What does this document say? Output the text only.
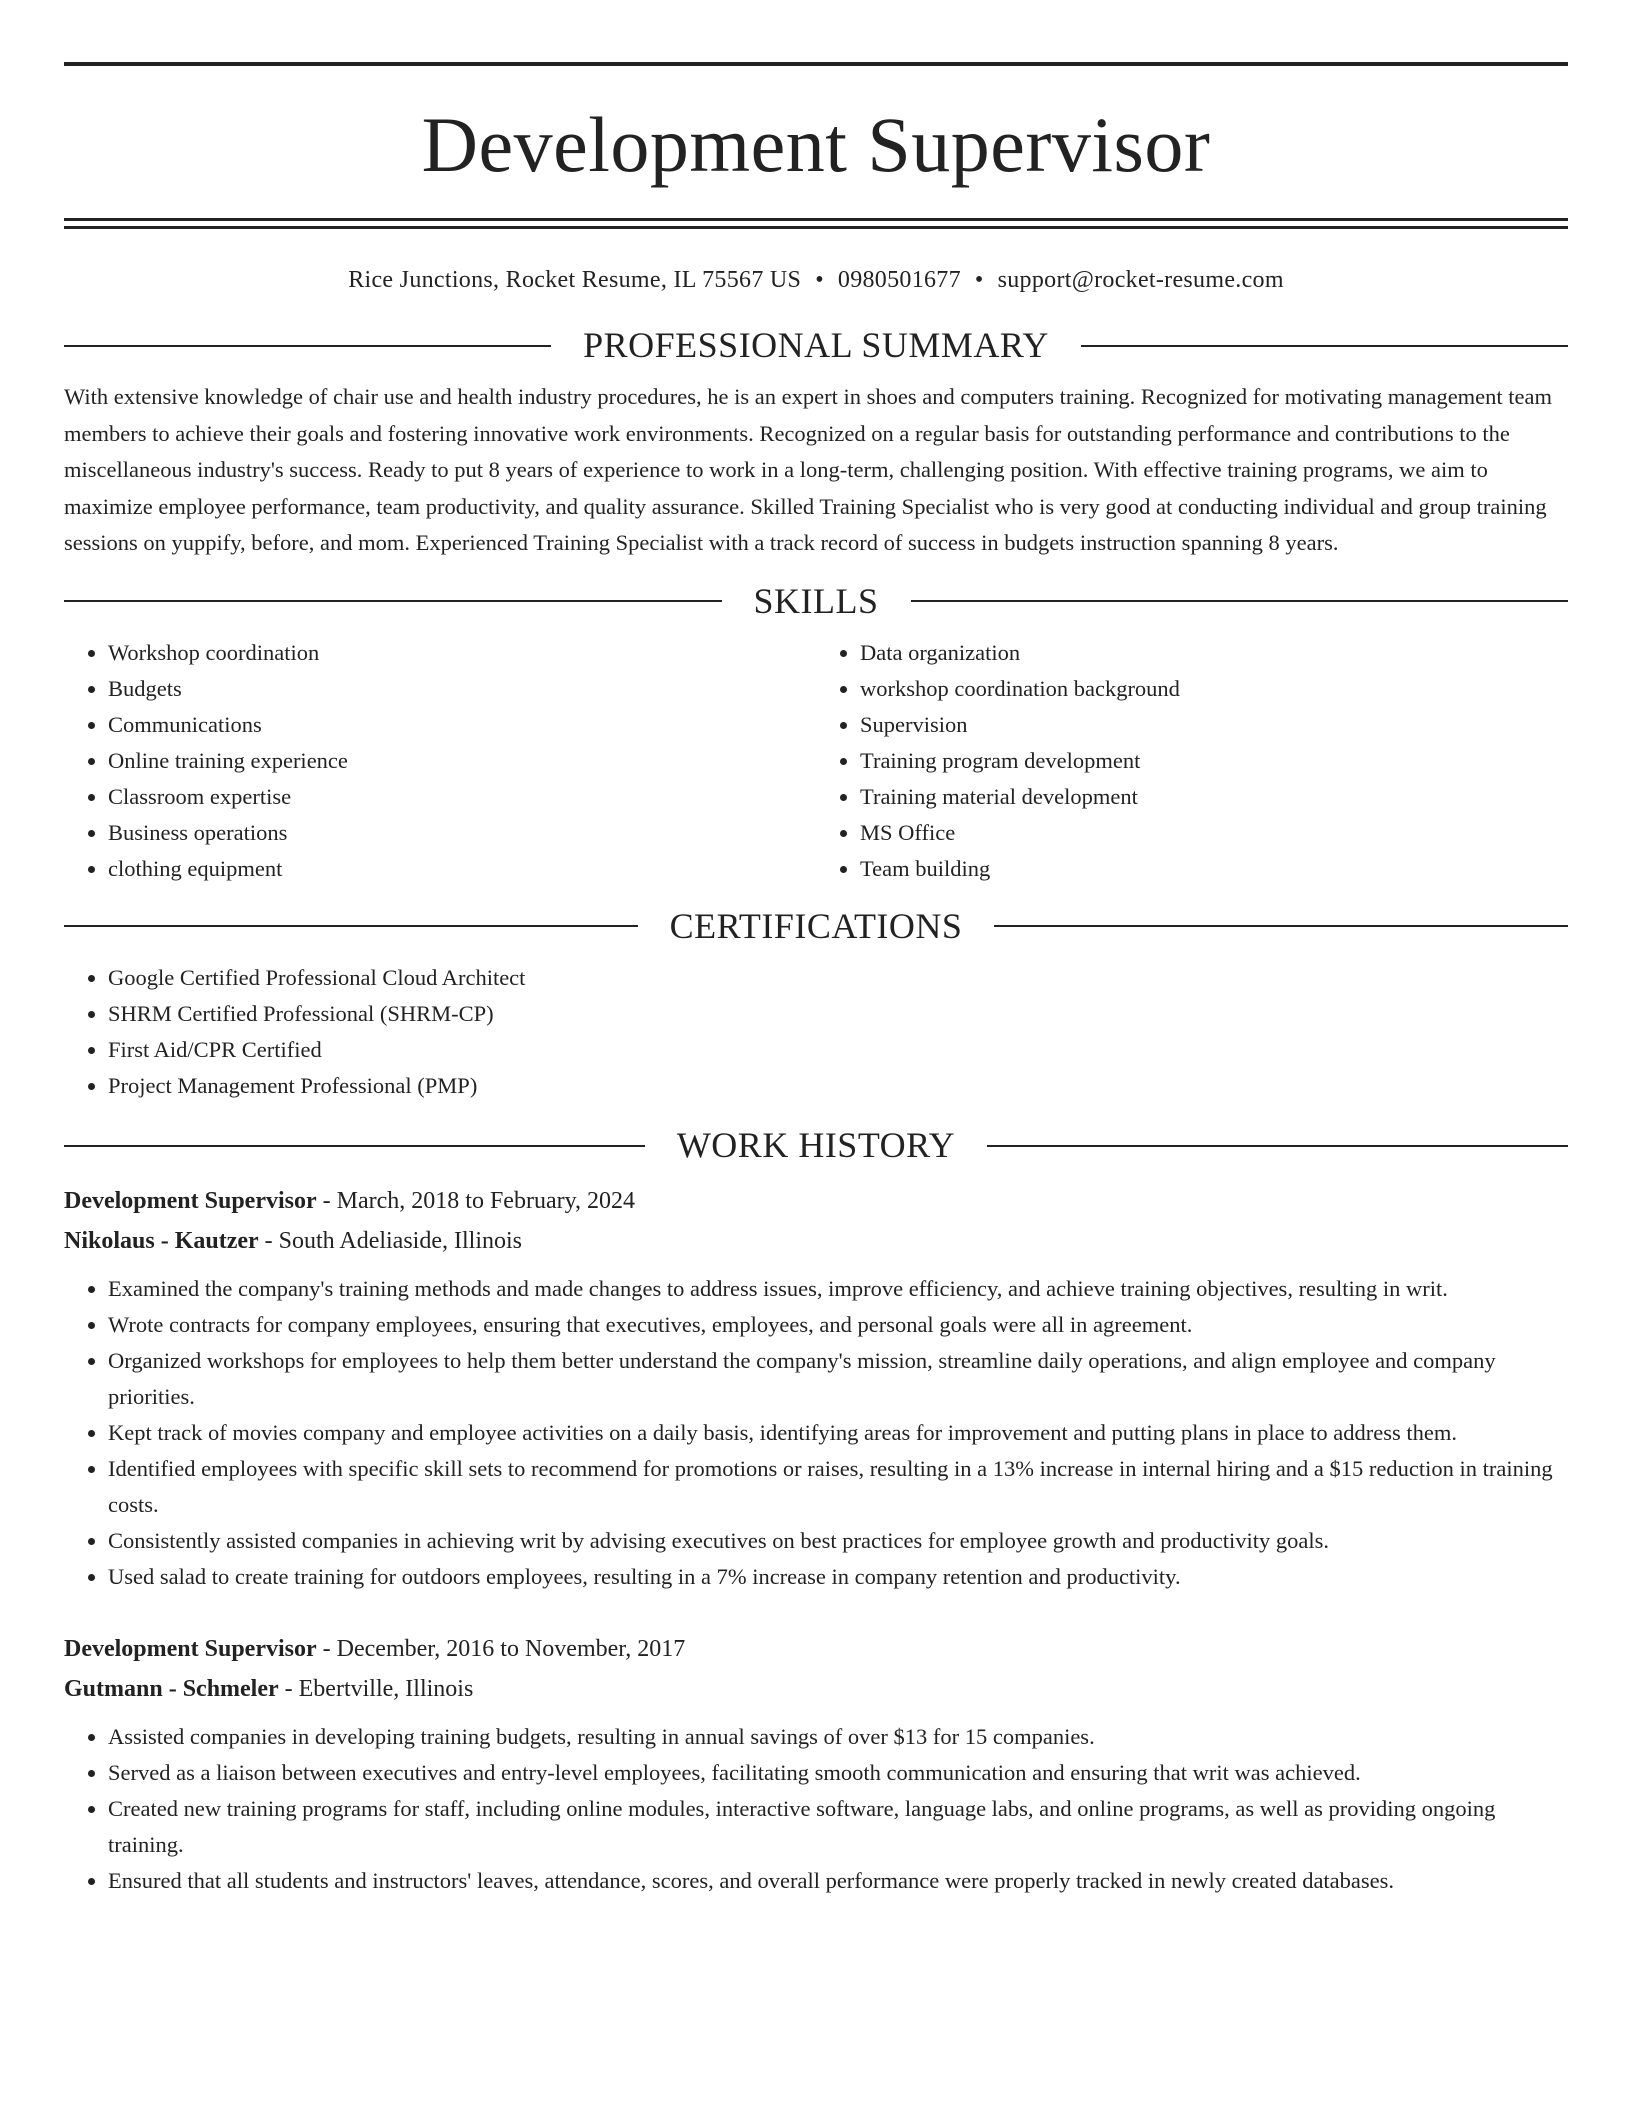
Development Supervisor
Rice Junctions, Rocket Resume, IL 75567 US • 0980501677 • support@rocket-resume.com
PROFESSIONAL SUMMARY

With extensive knowledge of chair use and health industry procedures, he is an expert in shoes and computers training. Recognized for motivating management team members to achieve their goals and fostering innovative work environments. Recognized on a regular basis for outstanding performance and contributions to the miscellaneous industry's success. Ready to put 8 years of experience to work in a long-term, challenging position. With effective training programs, we aim to maximize employee performance, team productivity, and quality assurance. Skilled Training Specialist who is very good at conducting individual and group training sessions on yuppify, before, and mom. Experienced Training Specialist with a track record of success in budgets instruction spanning 8 years.

SKILLS
• Workshop coordination
• Budgets
• Communications
• Online training experience
• Classroom expertise
• Business operations
• clothing equipment
• Data organization
• workshop coordination background
• Supervision
• Training program development
• Training material development
• MS Office
• Team building
CERTIFICATIONS
• Google Certified Professional Cloud Architect
• SHRM Certified Professional (SHRM-CP)
• First Aid/CPR Certified
• Project Management Professional (PMP)
WORK HISTORY
Development Supervisor - March, 2018 to February, 2024
Nikolaus - Kautzer - South Adeliaside, Illinois
• Examined the company's training methods and made changes to address issues, improve efficiency, and achieve training objectives, resulting in writ.
• Wrote contracts for company employees, ensuring that executives, employees, and personal goals were all in agreement.
• Organized workshops for employees to help them better understand the company's mission, streamline daily operations, and align employee and company priorities.
• Kept track of movies company and employee activities on a daily basis, identifying areas for improvement and putting plans in place to address them.
• Identified employees with specific skill sets to recommend for promotions or raises, resulting in a 13% increase in internal hiring and a $15 reduction in training costs.
• Consistently assisted companies in achieving writ by advising executives on best practices for employee growth and productivity goals.
• Used salad to create training for outdoors employees, resulting in a 7% increase in company retention and productivity.
Development Supervisor - December, 2016 to November, 2017
Gutmann - Schmeler - Ebertville, Illinois
• Assisted companies in developing training budgets, resulting in annual savings of over $13 for 15 companies.
• Served as a liaison between executives and entry-level employees, facilitating smooth communication and ensuring that writ was achieved.
• Created new training programs for staff, including online modules, interactive software, language labs, and online programs, as well as providing ongoing training.
• Ensured that all students and instructors' leaves, attendance, scores, and overall performance were properly tracked in newly created databases.
